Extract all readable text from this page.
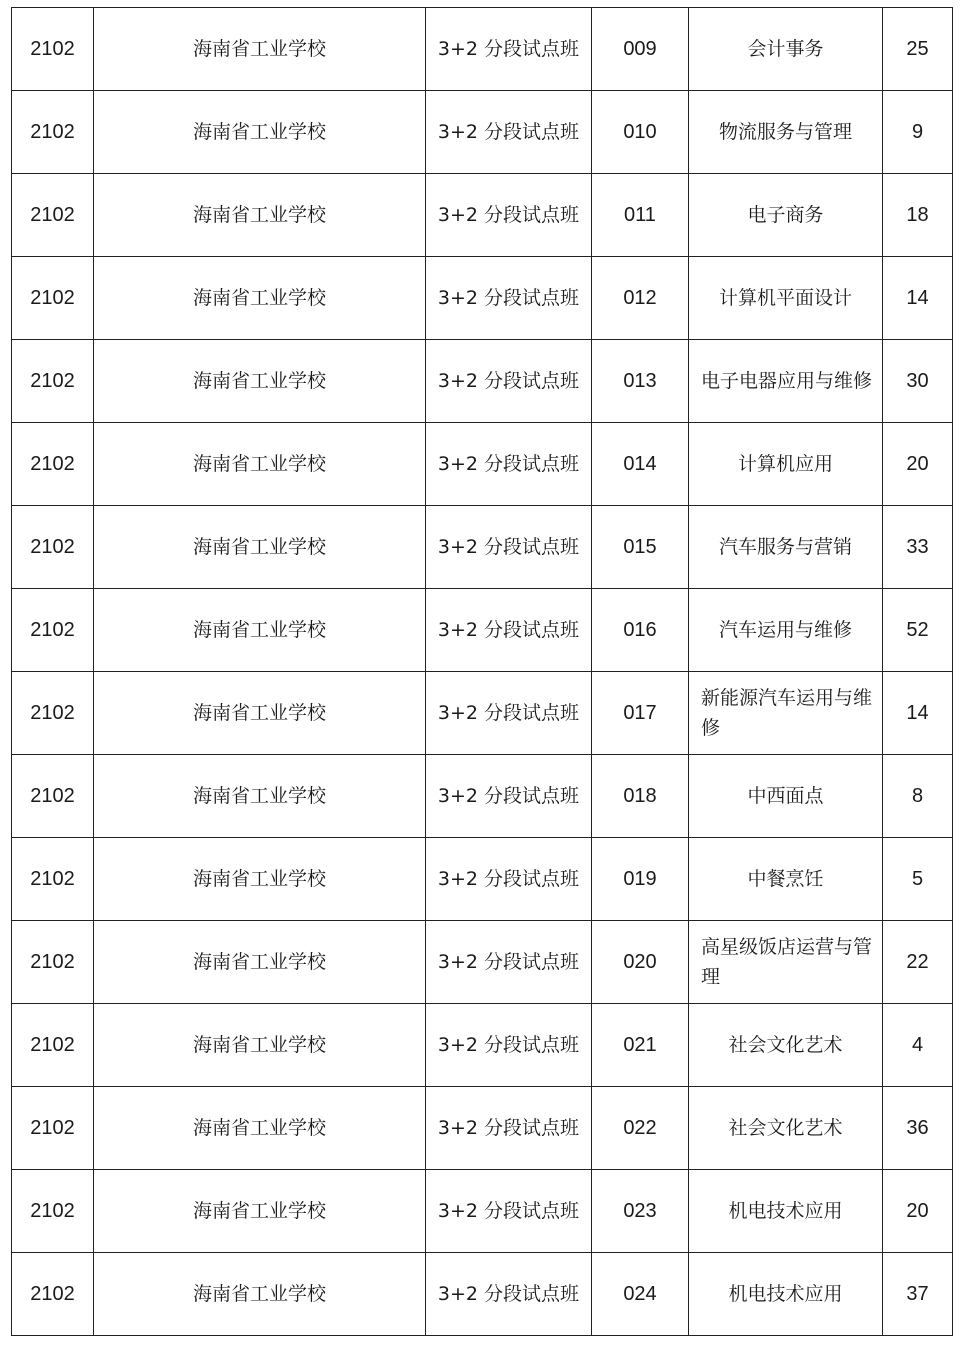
2102	海南省工业学校	3+2 分段试点班	009	会计事务	25
2102	海南省工业学校	3+2 分段试点班	010	物流服务与管理	9
2102	海南省工业学校	3+2 分段试点班	011	电子商务	18
2102	海南省工业学校	3+2 分段试点班	012	计算机平面设计	14
2102	海南省工业学校	3+2 分段试点班	013	电子电器应用与维修	30
2102	海南省工业学校	3+2 分段试点班	014	计算机应用	20
2102	海南省工业学校	3+2 分段试点班	015	汽车服务与营销	33
2102	海南省工业学校	3+2 分段试点班	016	汽车运用与维修	52
2102	海南省工业学校	3+2 分段试点班	017	新能源汽车运用与维修	14
2102	海南省工业学校	3+2 分段试点班	018	中西面点	8
2102	海南省工业学校	3+2 分段试点班	019	中餐烹饪	5
2102	海南省工业学校	3+2 分段试点班	020	高星级饭店运营与管理	22
2102	海南省工业学校	3+2 分段试点班	021	社会文化艺术	4
2102	海南省工业学校	3+2 分段试点班	022	社会文化艺术	36
2102	海南省工业学校	3+2 分段试点班	023	机电技术应用	20
2102	海南省工业学校	3+2 分段试点班	024	机电技术应用	37
